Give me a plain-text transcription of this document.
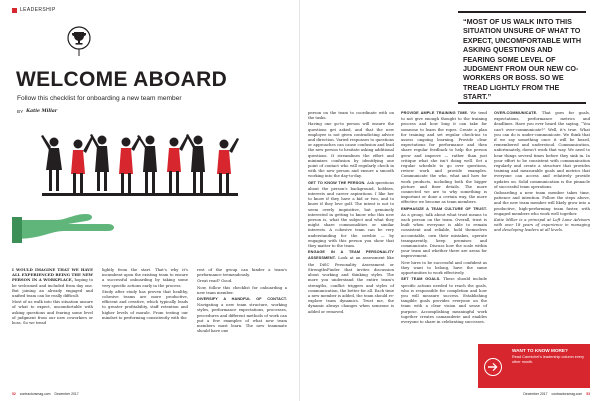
LEADERSHIP
WELCOME ABOARD
Follow this checklist for onboarding a new team member
BY Katie Millar

I WOULD IMAGINE THAT WE HAVE ALL EXPERIENCED BEING THE NEW PERSON IN A WORKPLACE, hoping to be welcomed and included from day one. But joining an already engaged and unified team can be really difficult.

Most of us walk into this situation unsure of what to expect, uncomfortable with asking questions and fearing some level of judgment from our new coworkers or boss. So we tread

lightly from the start. That's why it's incumbent upon the existing team to ensure a successful onboarding by taking some very specific actions early in the process.

Study after study has proven that healthy, cohesive teams are more productive, efficient and creative, which typically leads to greater profitability, staff retention and higher levels of morale. From testing our mindset to performing consistently with the

rest of the group can hinder a team's performance tremendously.

Great read? Good.

Now, follow this checklist for onboarding a new team member.

DIVERSIFY A HANDFUL OF CONTACT. Navigating a new team structure, working styles, performance expectations, processes, procedures and different methods of work can put a few examples of what new team members must learn. The new teammate should have one

52 contractorsmag.com December 2017
“MOST OF US WALK INTO THIS SITUATION UNSURE OF WHAT TO EXPECT, UNCOMFORTABLE WITH ASKING QUESTIONS AND FEARING SOME LEVEL OF JUDGMENT FROM OUR NEW CO-WORKERS OR BOSS. SO WE TREAD LIGHTLY FROM THE START.”

person on the team to coordinate with on the tasks.

Having one go-to person will ensure the questions get asked, and that the new employee is not given contradicting advice and direction. Varied responses to questions or approaches can cause confusion and lead the new person to hesitate asking additional questions. It streamlines the effort and minimizes confusion by identifying one point of contact who will regularly check in with the new person and ensure a smooth working into the day-to-day.

GET TO KNOW THE PERSON. Ask questions about the person's background, hobbies, interests and career aspirations. I like her to know if they have a kid or two, and to know if they love golf. The intent is not to seem overly inquisitive, but genuinely interested in getting to know who this new person is, what the subject and what they might share commonalities or similar interests. A cohesive team can be very understanding for the newbie — by engaging with this person you show that they matter to the team.

ENGAGE IN A TEAM PERSONALITY ASSESSMENT. Look at an assessment like the DiSC Personality Assessment or StrengthsFinder that invites discussion about working and thinking styles. The more you understand the entire team's strengths, conflict triggers and styles of communication, the better for all. Each time a new member is added, the team should re-explore team dynamics. Trust me, the dynamic always changes when someone is added or removed.

PROVIDE AMPLE TRAINING TIME. We tend to not give enough thought to the training process and how long it can take for someone to learn the ropes. Create a plan for training and set regular check-ins to assess ongoing learning. Provide clear expectations for performance and then share regular feedback to help the person grow and improve — rather than just critique what she isn't doing well. Set a regular schedule to go over questions, review work and provide examples. Communicate the who, what and how for work products, including both the bigger picture and finer details. The more connected we are to why something is important or done a certain way, the more effective we become as team members.

EMPHASIZE A TEAM CULTURE OF TRUST. As a group, talk about what trust means to each person on the team. Overall, trust is built when everyone is able to remain consistent and reliable, hold themselves accountable, own their mistakes, operate transparently, keep promises and communicate. Discuss how the scale within your team and whether there are areas for improvement.

New hires to be successful and confident as they want to belong, have the same opportunities to work effectively.

SET TEAM GOALS. These should include specific actions needed to reach the goals, who is responsible for completion and how you will measure success. Establishing tangible goals provides everyone on the team with a clear vision and sense of purpose. Accomplishing meaningful work together creates camaraderie and enables everyone to share in celebrating successes.

OVER-COMMUNICATE. That goes for goals, expectations, performance metrics and deadlines. Have you ever heard the saying, “You can't over-communicate?” Well, it's true. What you can do is under-communicate. We think that if we say something once it will be heard, remembered and understood. Communication, unfortunately, doesn't work that way. We need to hear things several times before they sink in. In your effort to be consistent with communication regularly and create a structure that provides training and measurable goals and metrics that everyone can access and relatively provide updates on. Solid communication is the pinnacle of successful team operations.

Onboarding a new team member takes time, patience and intention. Follow the steps above, and the new team member will likely grow into a productive, high-performing team faster, with engaged members who work well together.

Katie Millar is a principal at Left Lane Advisors with over 18 years of experience in managing and developing leaders at all levels.

WANT TO KNOW MORE?
Read Carmichel's leadership column every other month.
December 2017 contractorsmag.com 53
